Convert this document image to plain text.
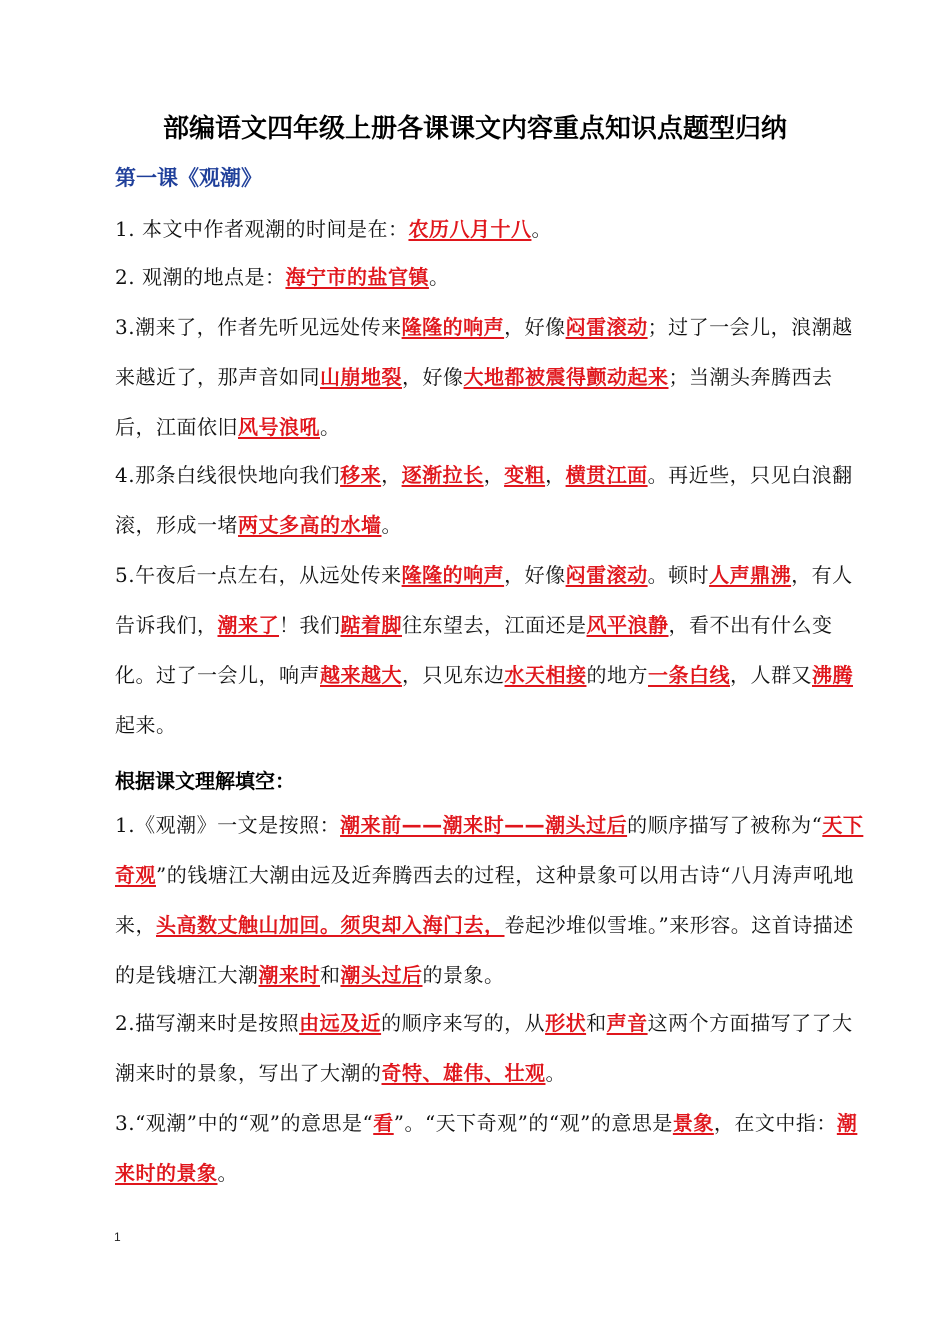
部编语文四年级上册各课课文内容重点知识点题型归纳
第一课《观潮》
1. 本文中作者观潮的时间是在：农历八月十八。
2. 观潮的地点是：海宁市的盐官镇。
3.潮来了，作者先听见远处传来隆隆的响声，好像闷雷滚动；过了一会儿，浪潮越来越近了，那声音如同山崩地裂，好像大地都被震得颤动起来；当潮头奔腾西去后，江面依旧风号浪吼。
4.那条白线很快地向我们移来，逐渐拉长，变粗，横贯江面。再近些，只见白浪翻滚，形成一堵两丈多高的水墙。
5.午夜后一点左右，从远处传来隆隆的响声，好像闷雷滚动。顿时人声鼎沸，有人告诉我们，潮来了！我们踮着脚往东望去，江面还是风平浪静，看不出有什么变化。过了一会儿，响声越来越大，只见东边水天相接的地方一条白线，人群又沸腾起来。
根据课文理解填空：
1.《观潮》一文是按照：潮来前——潮来时——潮头过后的顺序描写了被称为“天下奇观”的钱塘江大潮由远及近奔腾西去的过程，这种景象可以用古诗“八月涛声吼地来，头高数丈触山加回。须臾却入海门去，卷起沙堆似雪堆。”来形容。这首诗描述的是钱塘江大潮潮来时和潮头过后的景象。
2.描写潮来时是按照由远及近的顺序来写的，从形状和声音这两个方面描写了了大潮来时的景象，写出了大潮的奇特、雄伟、壮观。
3.“观潮”中的“观”的意思是“看”。“天下奇观”的“观”的意思是景象，在文中指：潮来时的景象。
1
